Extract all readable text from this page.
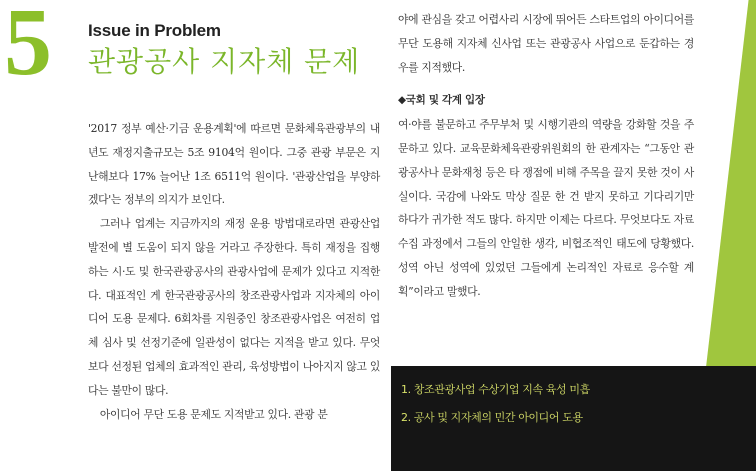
5 Issue in Problem
관광공사 지자체 문제

'2017 정부 예산·기금 운용계획'에 따르면 문화체육관광부의 내년도 재정지출규모는 5조 9104억 원이다. 그중 관광 부문은 지난해보다 17% 늘어난 1조 6511억 원이다. '관광산업을 부양하겠다'는 정부의 의지가 보인다.

그러나 업계는 지금까지의 재정 운용 방법대로라면 관광산업 발전에 별 도움이 되지 않을 거라고 주장한다. 특히 재정을 집행하는 시·도 및 한국관광공사의 관광사업에 문제가 있다고 지적한다. 대표적인 게 한국관광공사의 창조관광사업과 지자체의 아이디어 도용 문제다. 6회차를 지원중인 창조관광사업은 여전히 업체 심사 및 선정기준에 일관성이 없다는 지적을 받고 있다. 무엇보다 선정된 업체의 효과적인 관리, 육성방법이 나아지지 않고 있다는 불만이 많다.

아이디어 무단 도용 문제도 지적받고 있다. 관광 분

야에 관심을 갖고 어렵사리 시장에 뛰어든 스타트업의 아이디어를 무단 도용해 지자체 신사업 또는 관광공사 사업으로 둔갑하는 경우를 지적했다.

◆국회 및 각계 입장

여·야를 불문하고 주무부처 및 시행기관의 역량을 강화할 것을 주문하고 있다. 교육문화체육관광위원회의 한 관계자는 “그동안 관광공사나 문화재청 등은 타 쟁점에 비해 주목을 끌지 못한 것이 사실이다. 국감에 나와도 막상 질문 한 건 받지 못하고 기다리기만 하다가 귀가한 적도 많다. 하지만 이제는 다르다. 무엇보다도 자료 수집 과정에서 그들의 안일한 생각, 비협조적인 태도에 당황했다. 성역 아닌 성역에 있었던 그들에게 논리적인 자료로 응수할 계획”이라고 말했다.

1. 창조관광사업 수상기업 지속 육성 미흡
2. 공사 및 지자체의 민간 아이디어 도용
